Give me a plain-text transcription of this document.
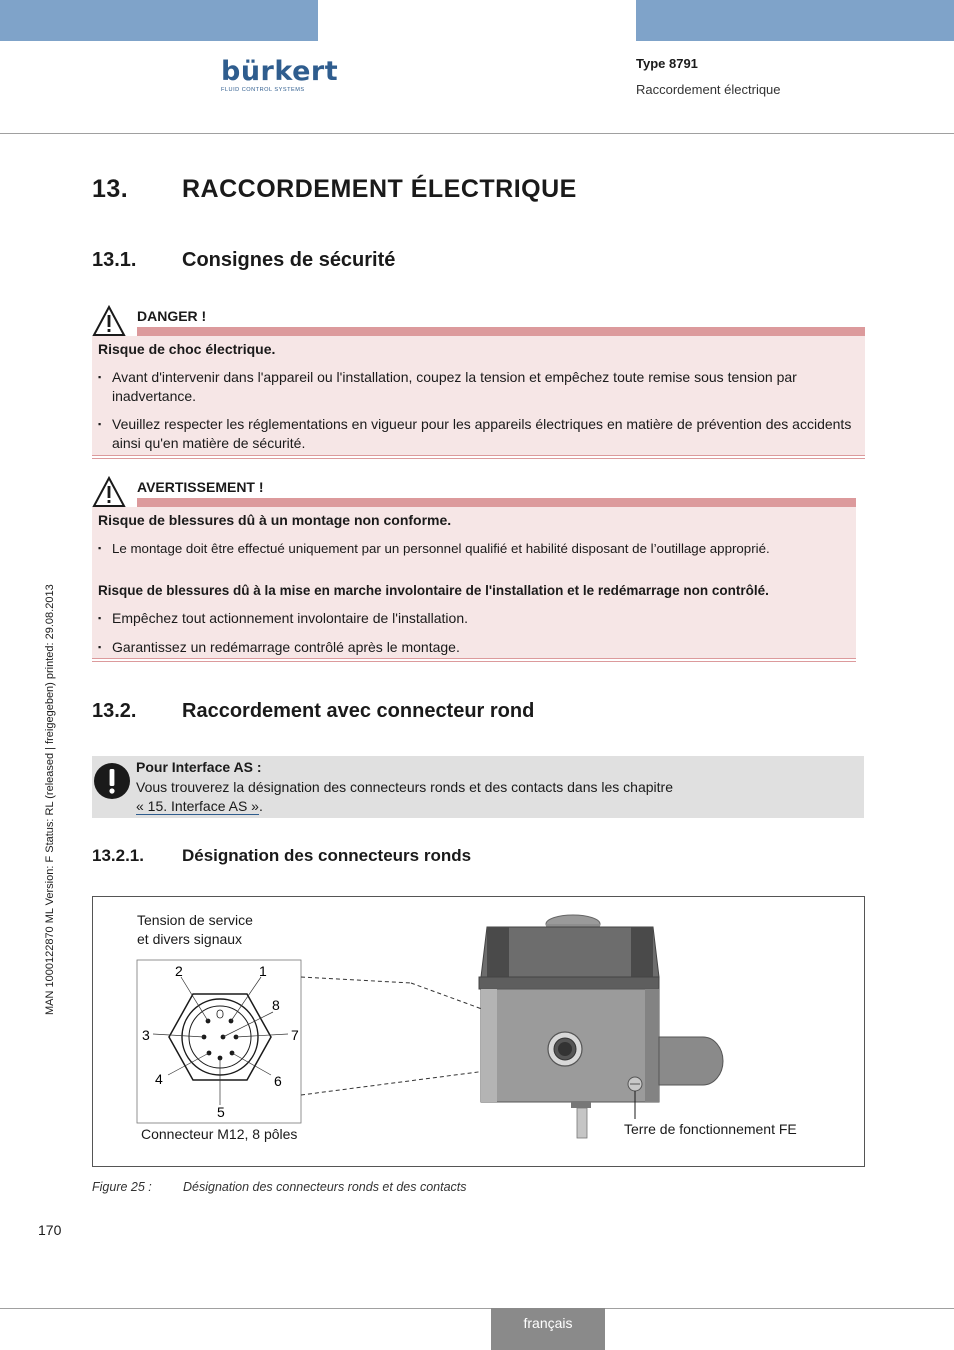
bürkert
FLUID CONTROL SYSTEMS
Type 8791
Raccordement électrique
MAN 1000122870 ML Version: F Status: RL (released | freigegeben) printed: 29.08.2013
13. RACCORDEMENT ÉLECTRIQUE
13.1. Consignes de sécurité
DANGER !
Risque de choc électrique.
▪ Avant d'intervenir dans l'appareil ou l'installation, coupez la tension et empêchez toute remise sous tension par inadvertance.
▪ Veuillez respecter les réglementations en vigueur pour les appareils électriques en matière de prévention des accidents ainsi qu'en matière de sécurité.
AVERTISSEMENT !
Risque de blessures dû à un montage non conforme.
▪ Le montage doit être effectué uniquement par un personnel qualifié et habilité disposant de l’outillage approprié.
Risque de blessures dû à la mise en marche involontaire de l'installation et le redémarrage non contrôlé.
▪ Empêchez tout actionnement involontaire de l'installation.
▪ Garantissez un redémarrage contrôlé après le montage.
13.2. Raccordement avec connecteur rond
Pour Interface AS :
Vous trouverez la désignation des connecteurs ronds et des contacts dans les chapitre
« 15. Interface AS ».
13.2.1. Désignation des connecteurs ronds
Tension de service
et divers signaux
Connecteur M12, 8 pôles	Terre de fonctionnement FE
1
2
3
4
5
6
7
8
Figure 25 : Désignation des connecteurs ronds et des contacts
170
français
